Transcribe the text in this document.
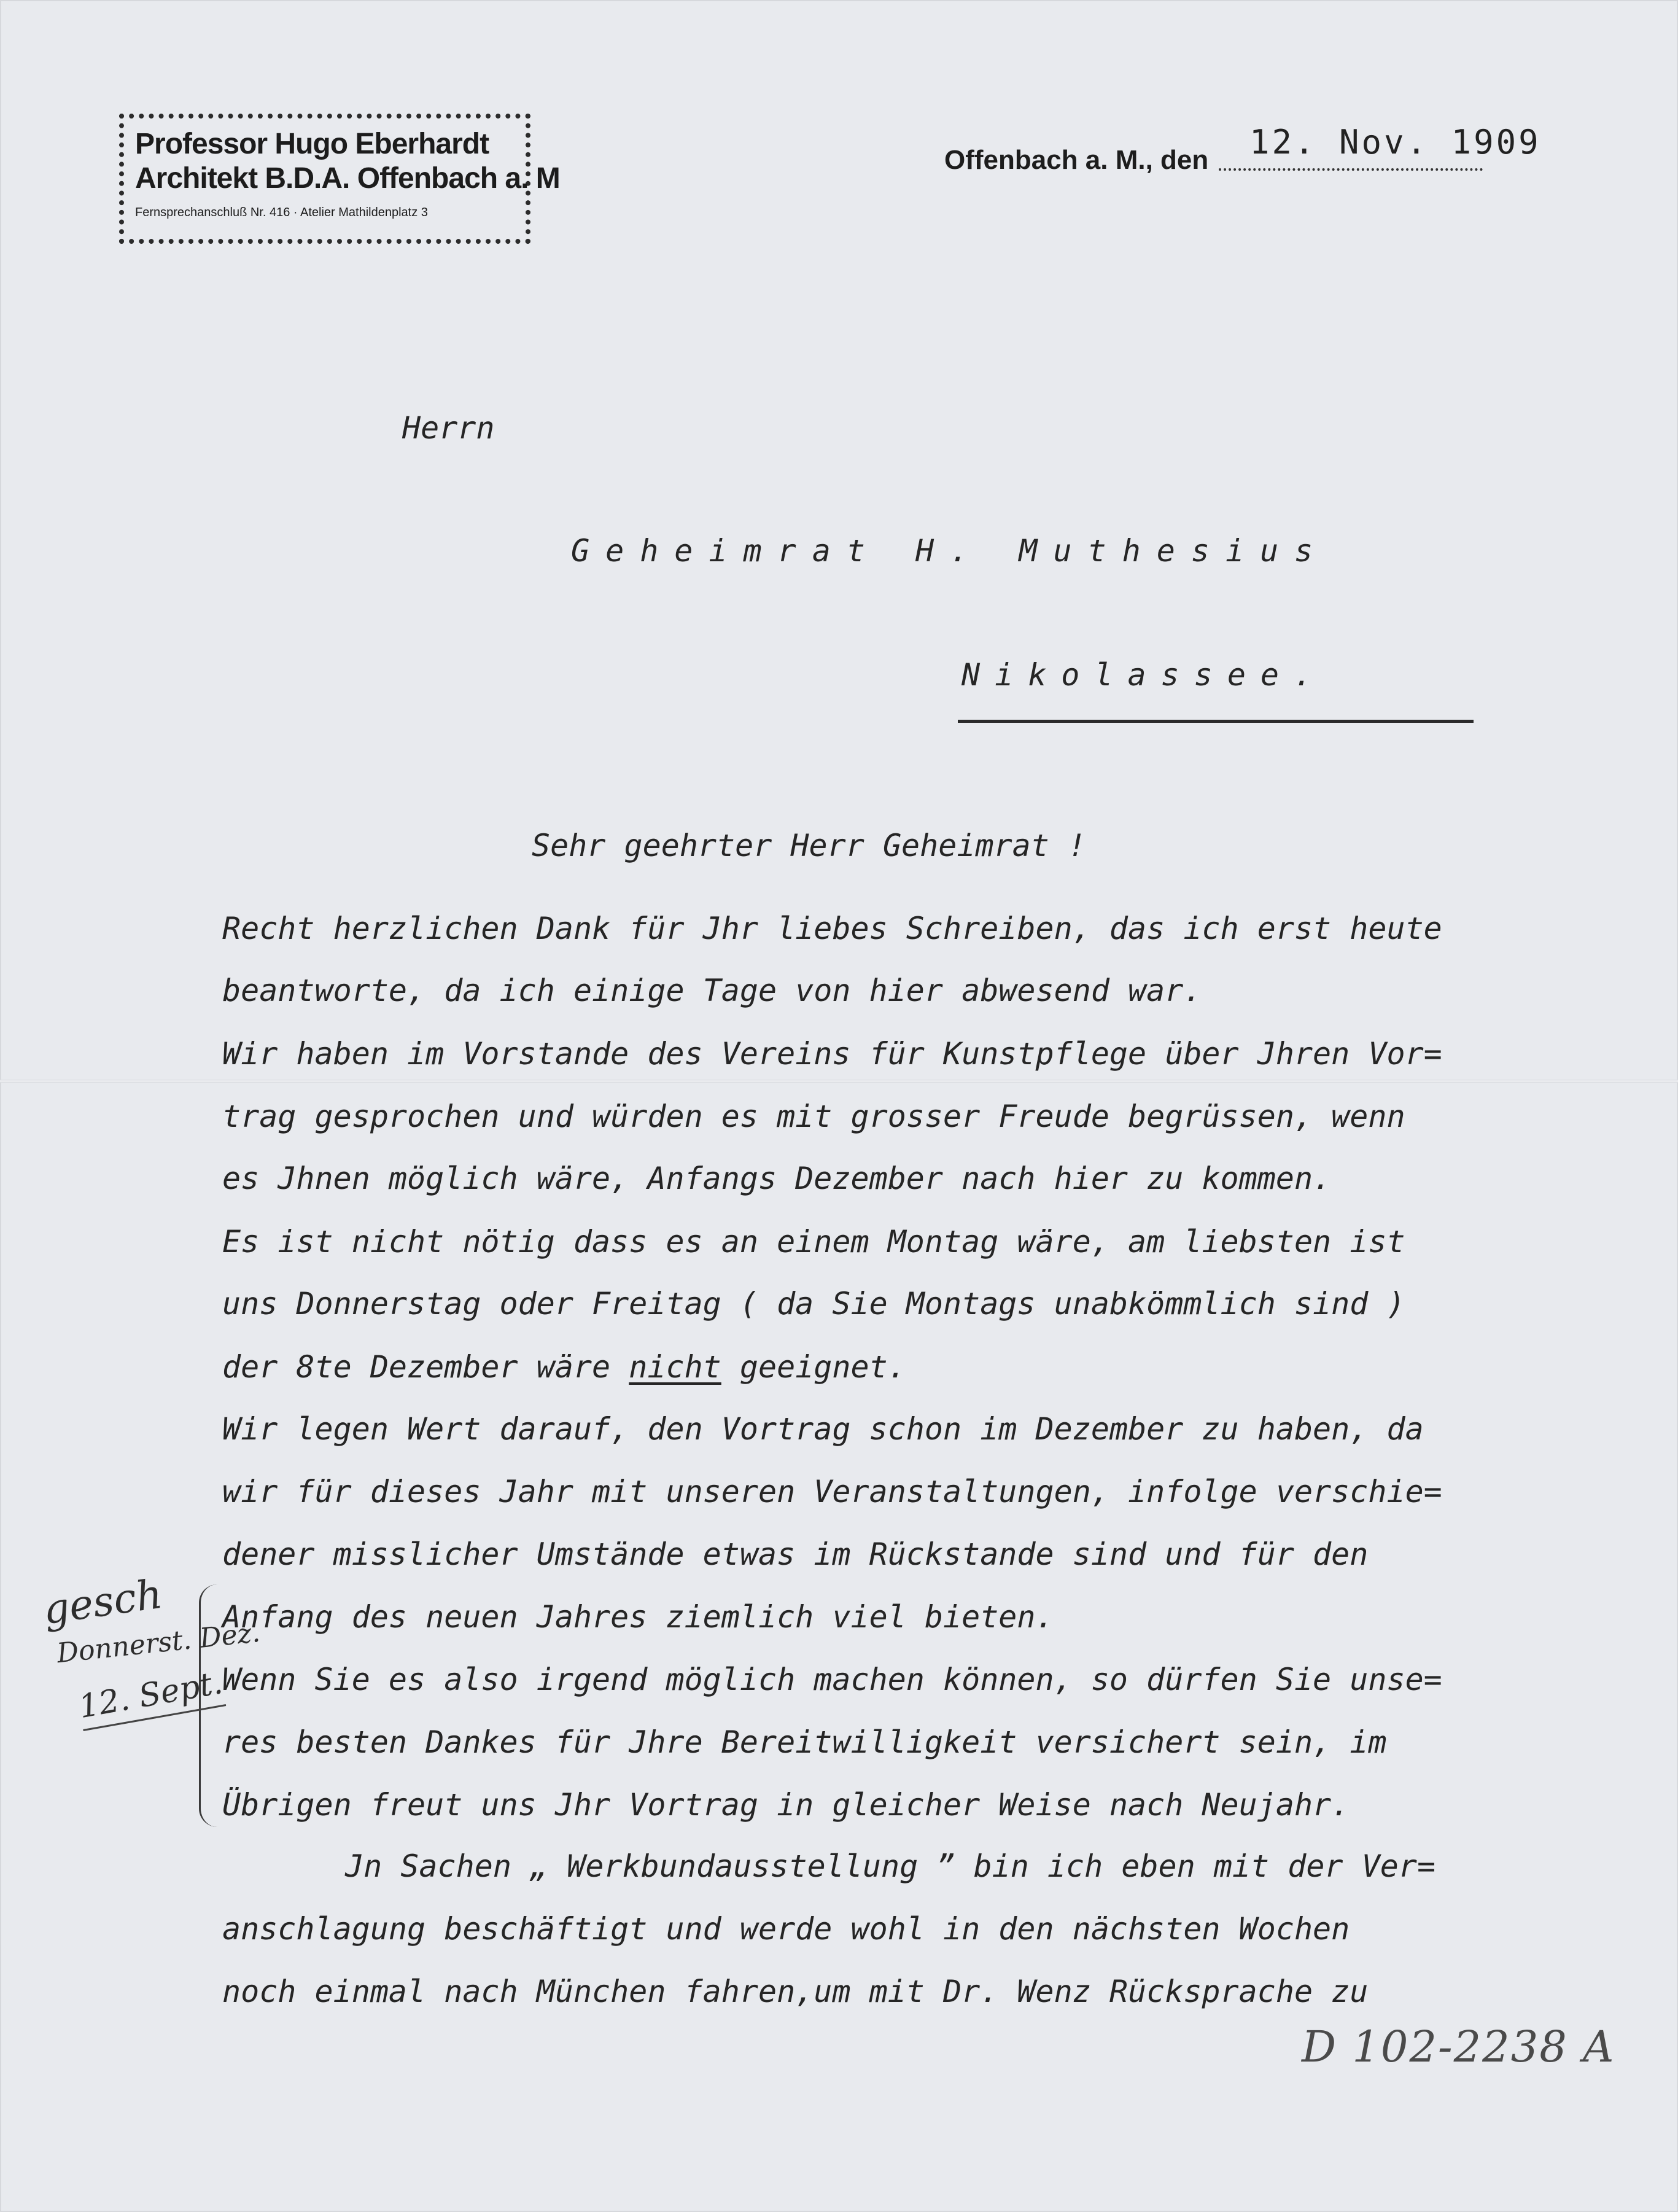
Professor Hugo Eberhardt
Architekt B.D.A. Offenbach a. M
Fernsprechanschluß Nr. 416 · Atelier Mathildenplatz 3
Offenbach a. M., den 12. Nov. 1909
Herrn
Geheimrat H. Muthesius
Nikolassee.
Sehr geehrter Herr Geheimrat !
Recht herzlichen Dank für Jhr liebes Schreiben, das ich erst heute
beantworte, da ich einige Tage von hier abwesend war.
Wir haben im Vorstande des Vereins für Kunstpflege über Jhren Vor=
trag gesprochen und würden es mit grosser Freude begrüssen, wenn
es Jhnen möglich wäre, Anfangs Dezember nach hier zu kommen.
Es ist nicht nötig dass es an einem Montag wäre, am liebsten ist
uns Donnerstag oder Freitag ( da Sie Montags unabkömmlich sind )
der 8te Dezember wäre nicht geeignet.
Wir legen Wert darauf, den Vortrag schon im Dezember zu haben, da
wir für dieses Jahr mit unseren Veranstaltungen, infolge verschie=
dener misslicher Umstände etwas im Rückstande sind und für den
Anfang des neuen Jahres ziemlich viel bieten.
Wenn Sie es also irgend möglich machen können, so dürfen Sie unse=
res besten Dankes für Jhre Bereitwilligkeit versichert sein, im
Übrigen freut uns Jhr Vortrag in gleicher Weise nach Neujahr.
Jn Sachen „ Werkbundausstellung ” bin ich eben mit der Ver=
anschlagung beschäftigt und werde wohl in den nächsten Wochen
noch einmal nach München fahren,um mit Dr. Wenz Rücksprache zu
gesch
Donnerst. Dez.
12. Sept.
D 102-2238 A
